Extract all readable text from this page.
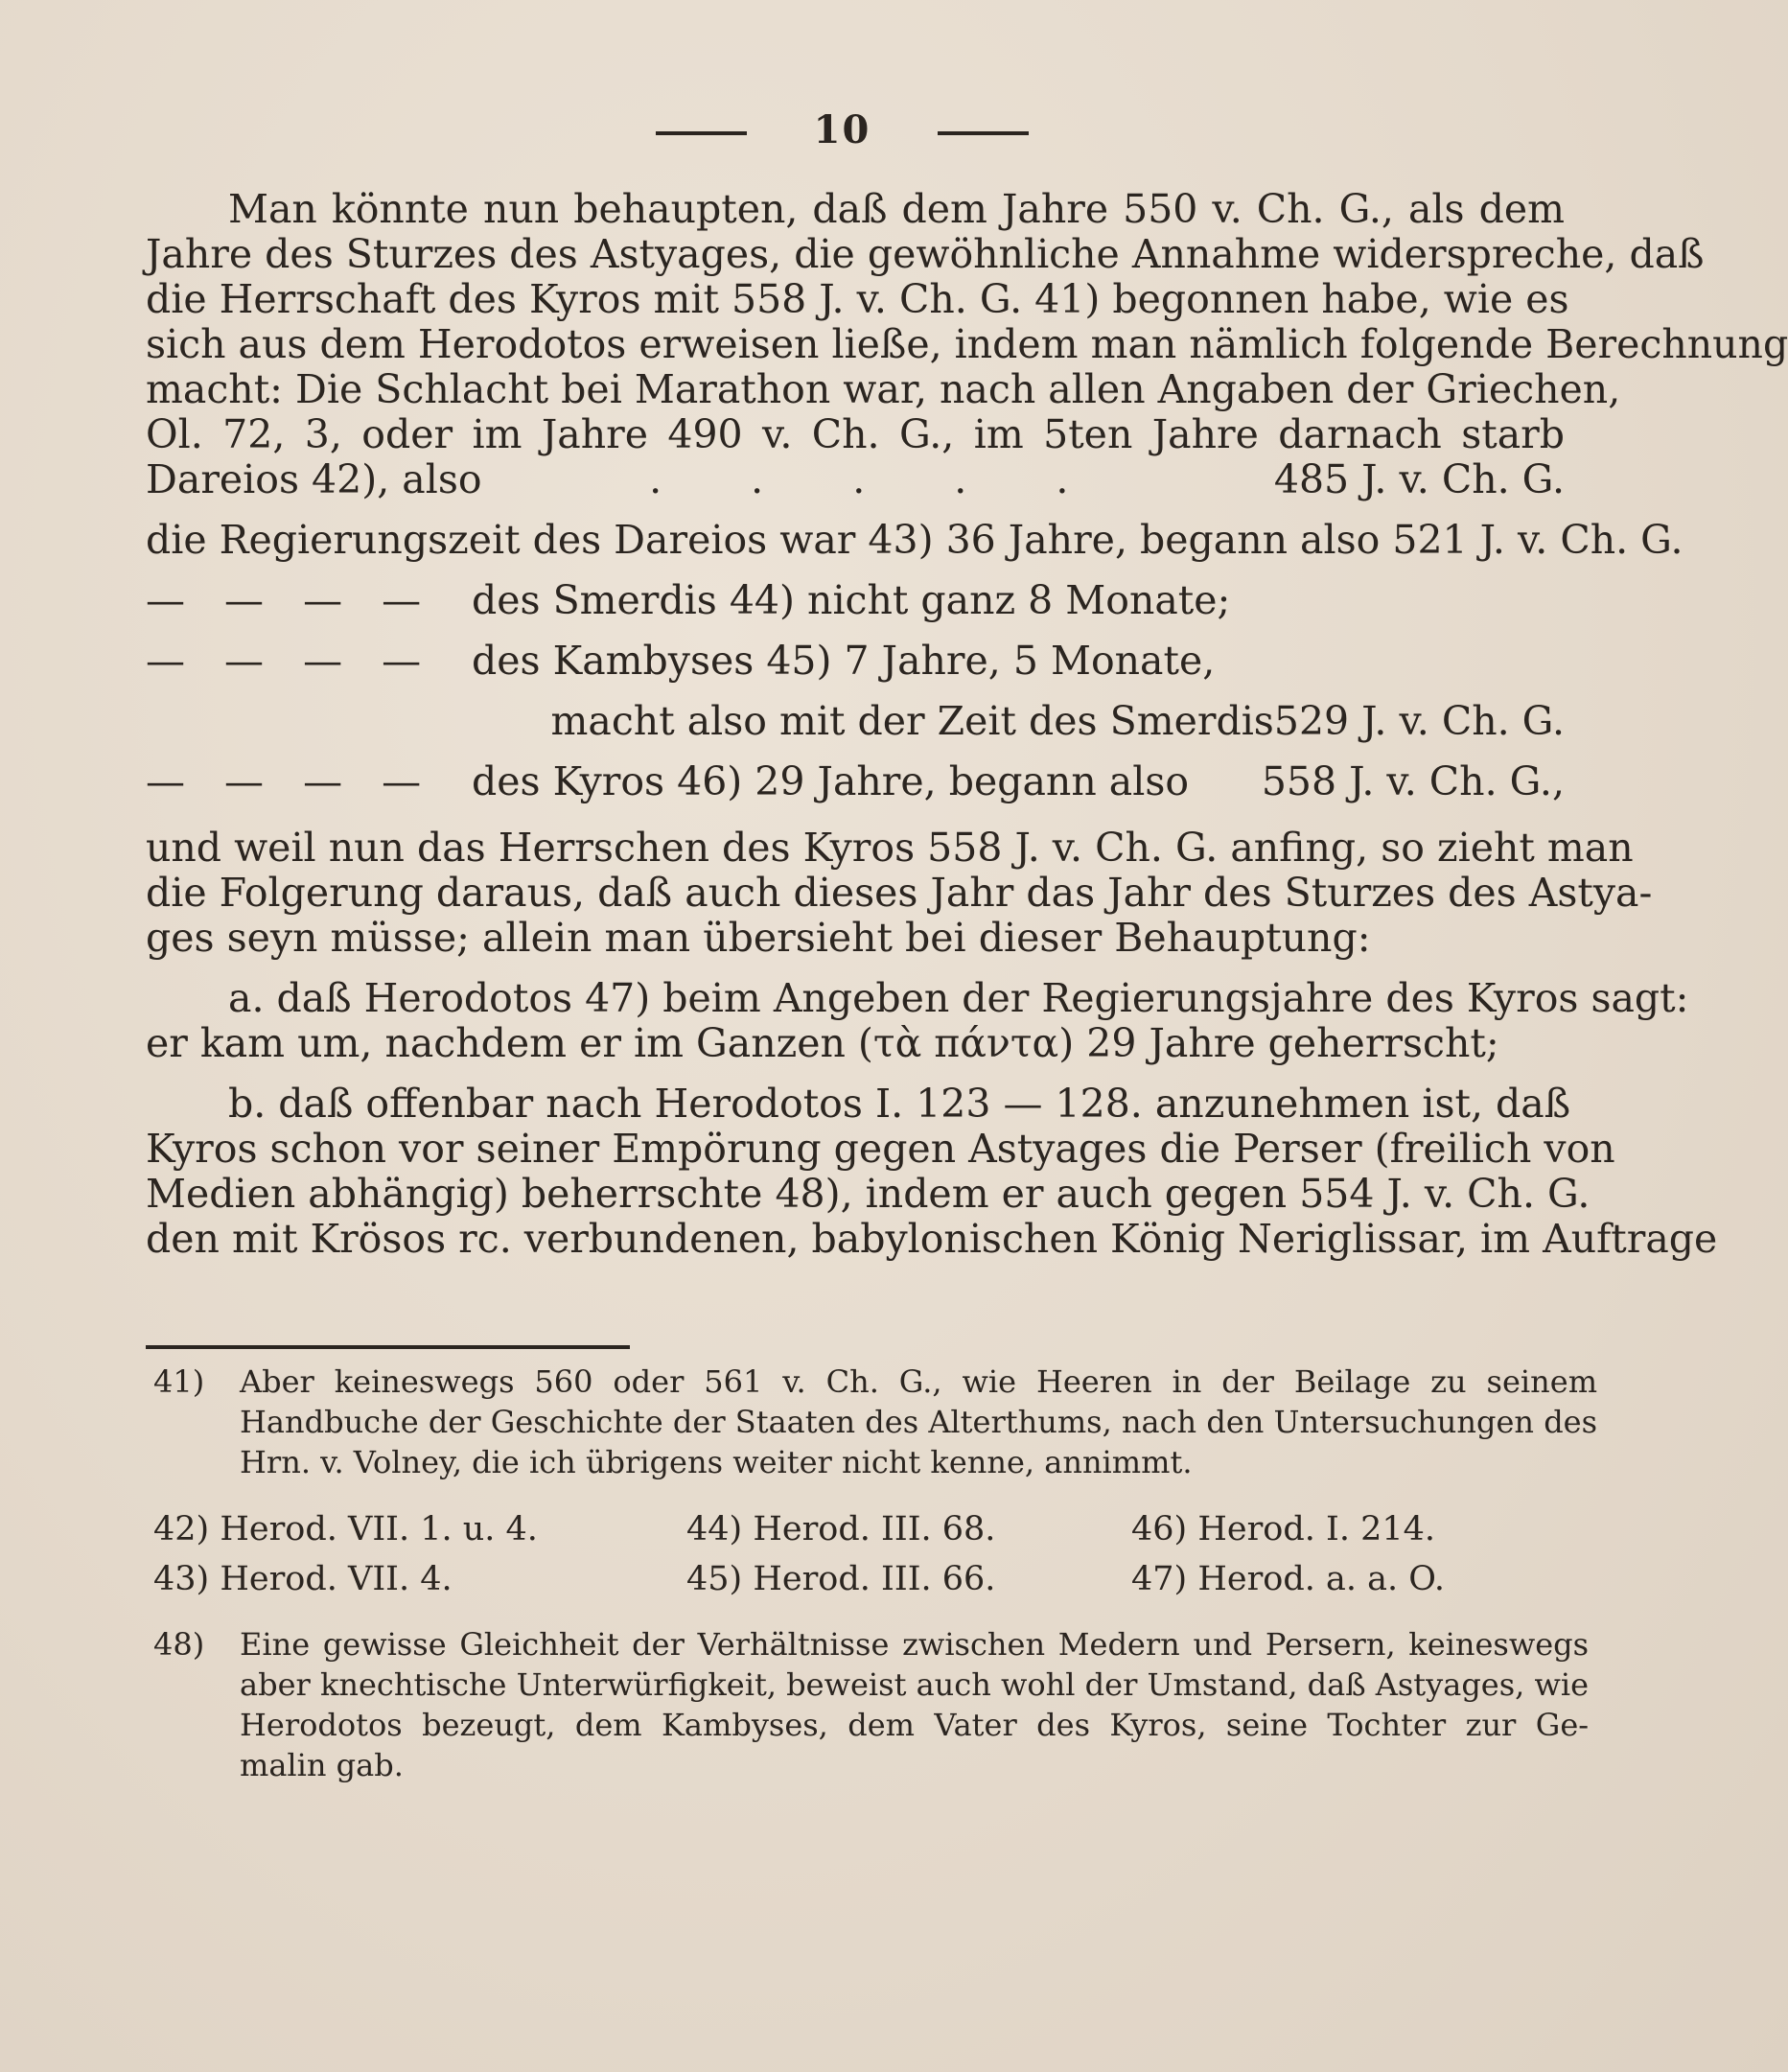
10
Man könnte nun behaupten, daß dem Jahre 550 v. Ch. G., als dem
Jahre des Sturzes des Astyages, die gewöhnliche Annahme widerspreche, daß
die Herrschaft des Kyros mit 558 J. v. Ch. G. 41) begonnen habe, wie es
sich aus dem Herodotos erweisen ließe, indem man nämlich folgende Berechnung
macht: Die Schlacht bei Marathon war, nach allen Angaben der Griechen,
Ol. 72, 3, oder im Jahre 490 v. Ch. G., im 5ten Jahre darnach starb
Dareios 42), also	. . . . .	485 J. v. Ch. G.
die Regierungszeit des Dareios war 43) 36 Jahre, begann also 521 J. v. Ch. G.
— — — — des Smerdis 44) nicht ganz 8 Monate;
— — — — des Kambyses 45) 7 Jahre, 5 Monate,
macht also mit der Zeit des Smerdis 529 J. v. Ch. G.
— — — — des Kyros 46) 29 Jahre, begann also	558 J. v. Ch. G.,
und weil nun das Herrschen des Kyros 558 J. v. Ch. G. anfing, so zieht man
die Folgerung daraus, daß auch dieses Jahr das Jahr des Sturzes des Astya-
ges seyn müsse; allein man übersieht bei dieser Behauptung:
a. daß Herodotos 47) beim Angeben der Regierungsjahre des Kyros sagt:
er kam um, nachdem er im Ganzen (τὰ πάντα) 29 Jahre geherrscht;
b. daß offenbar nach Herodotos I. 123 — 128. anzunehmen ist, daß
Kyros schon vor seiner Empörung gegen Astyages die Perser (freilich von
Medien abhängig) beherrschte 48), indem er auch gegen 554 J. v. Ch. G.
den mit Krösos rc. verbundenen, babylonischen König Neriglissar, im Auftrage
41)	Aber keineswegs 560 oder 561 v. Ch. G., wie Heeren in der Beilage zu seinem
Handbuche der Geschichte der Staaten des Alterthums, nach den Untersuchungen des
Hrn. v. Volney, die ich übrigens weiter nicht kenne, annimmt.
42) Herod. VII. 1. u. 4.	44) Herod. III. 68.	46) Herod. I. 214.
43) Herod. VII. 4.	45) Herod. III. 66.	47) Herod. a. a. O.
48)	Eine gewisse Gleichheit der Verhältnisse zwischen Medern und Persern, keineswegs
aber knechtische Unterwürfigkeit, beweist auch wohl der Umstand, daß Astyages, wie
Herodotos bezeugt, dem Kambyses, dem Vater des Kyros, seine Tochter zur Ge-
malin gab.
